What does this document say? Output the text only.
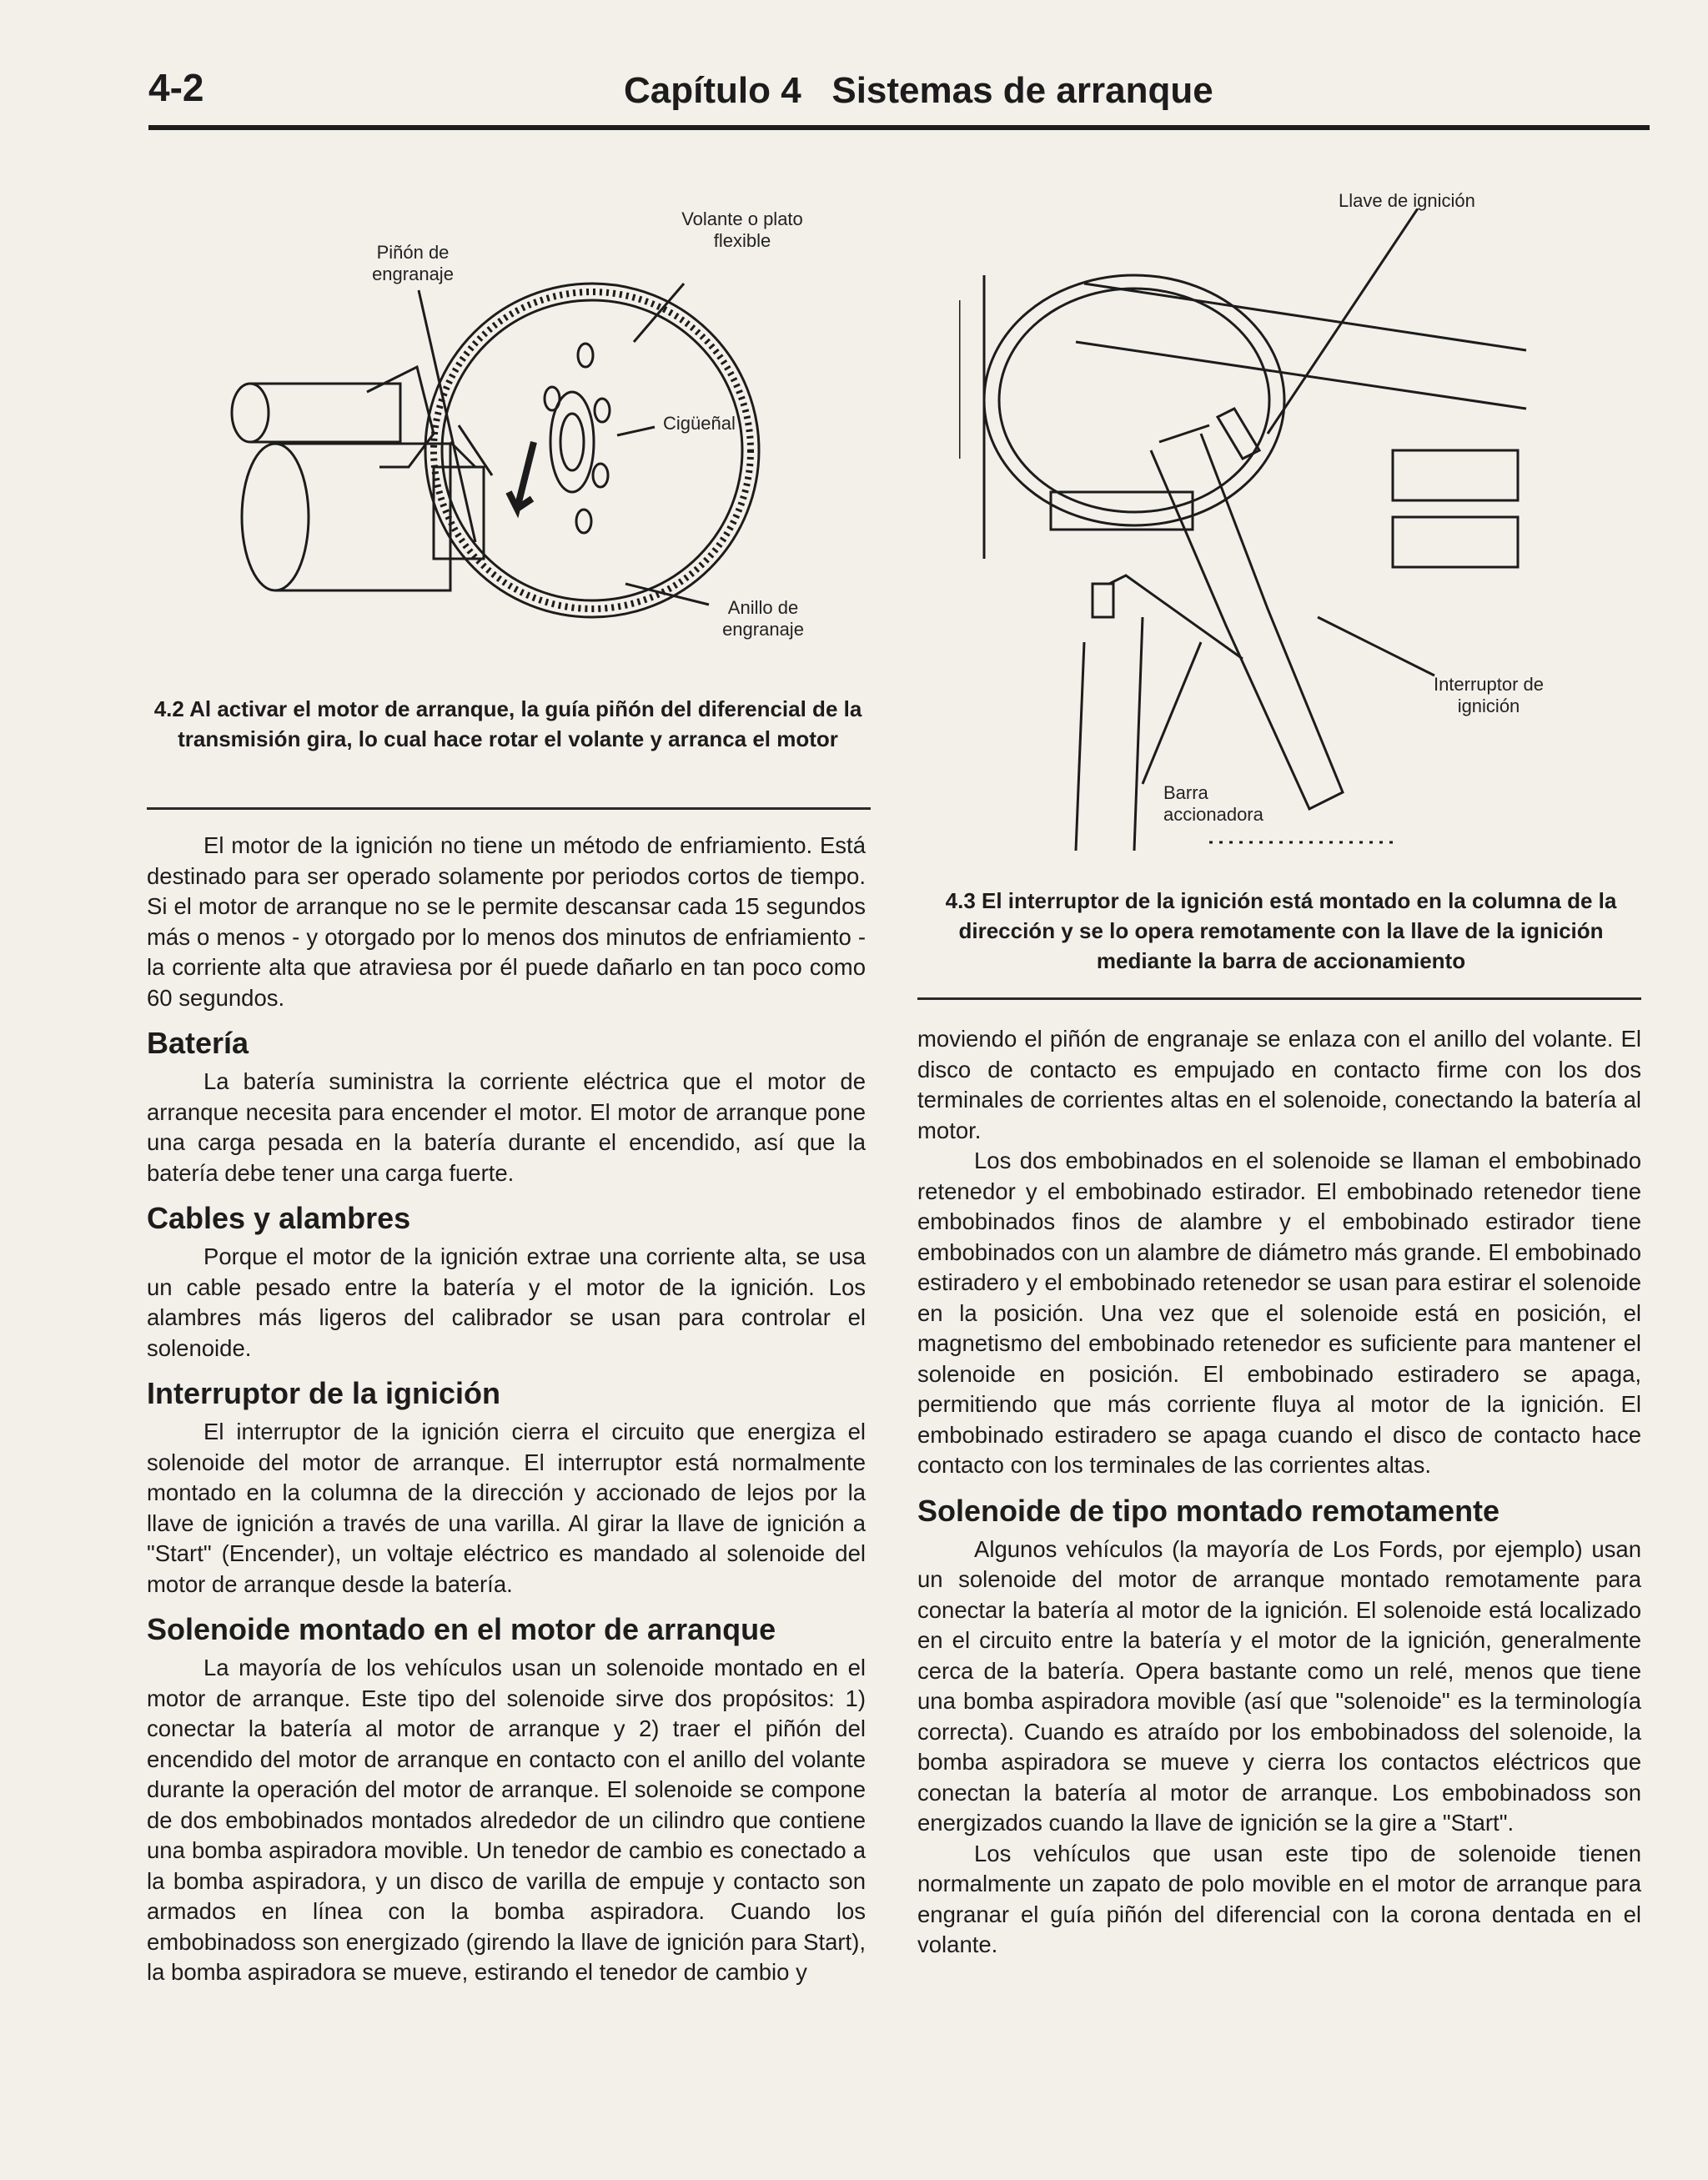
4-2	Capítulo 4   Sistemas de arranque
Piñón de engranaje
Volante o plato flexible
Cigüeñal
Anillo de engranaje
4.2 Al activar el motor de arranque, la guía piñón del diferencial de la transmisión gira, lo cual hace rotar el volante y arranca el motor
Llave de ignición
Interruptor de ignición
Barra accionadora
4.3 El interruptor de la ignición está montado en la columna de la dirección y se lo opera remotamente con la llave de la ignición mediante la barra de accionamiento

El motor de la ignición no tiene un método de enfriamiento. Está destinado para ser operado solamente por periodos cortos de tiempo. Si el motor de arranque no se le permite descansar cada 15 segundos más o menos - y otorgado por lo menos dos minutos de enfriamiento - la corriente alta que atraviesa por él puede dañarlo en tan poco como 60 segundos.

Batería

La batería suministra la corriente eléctrica que el motor de arranque necesita para encender el motor. El motor de arranque pone una carga pesada en la batería durante el encendido, así que la batería debe tener una carga fuerte.

Cables y alambres

Porque el motor de la ignición extrae una corriente alta, se usa un cable pesado entre la batería y el motor de la ignición. Los alambres más ligeros del calibrador se usan para controlar el solenoide.

Interruptor de la ignición

El interruptor de la ignición cierra el circuito que energiza el solenoide del motor de arranque. El interruptor está normalmente montado en la columna de la dirección y accionado de lejos por la llave de ignición a través de una varilla. Al girar la llave de ignición a "Start" (Encender), un voltaje eléctrico es mandado al solenoide del motor de arranque desde la batería.

Solenoide montado en el motor de arranque

La mayoría de los vehículos usan un solenoide montado en el motor de arranque. Este tipo del solenoide sirve dos propósitos: 1) conectar la batería al motor de arranque y 2) traer el piñón del encendido del motor de arranque en contacto con el anillo del volante durante la operación del motor de arranque. El solenoide se compone de dos embobinados montados alrededor de un cilindro que contiene una bomba aspiradora movible. Un tenedor de cambio es conectado a la bomba aspiradora, y un disco de varilla de empuje y contacto son armados en línea con la bomba aspiradora. Cuando los embobinadoss son energizado (girendo la llave de ignición para Start), la bomba aspiradora se mueve, estirando el tenedor de cambio y

moviendo el piñón de engranaje se enlaza con el anillo del volante. El disco de contacto es empujado en contacto firme con los dos terminales de corrientes altas en el solenoide, conectando la batería al motor.

Los dos embobinados en el solenoide se llaman el embobinado retenedor y el embobinado estirador. El embobinado retenedor tiene embobinados finos de alambre y el embobinado estirador tiene embobinados con un alambre de diámetro más grande. El embobinado estiradero y el embobinado retenedor se usan para estirar el solenoide en la posición. Una vez que el solenoide está en posición, el magnetismo del embobinado retenedor es suficiente para mantener el solenoide en posición. El embobinado estiradero se apaga, permitiendo que más corriente fluya al motor de la ignición. El embobinado estiradero se apaga cuando el disco de contacto hace contacto con los terminales de las corrientes altas.

Solenoide de tipo montado remotamente

Algunos vehículos (la mayoría de Los Fords, por ejemplo) usan un solenoide del motor de arranque montado remotamente para conectar la batería al motor de la ignición. El solenoide está localizado en el circuito entre la batería y el motor de la ignición, generalmente cerca de la batería. Opera bastante como un relé, menos que tiene una bomba aspiradora movible (así que "solenoide" es la terminología correcta). Cuando es atraído por los embobinadoss del solenoide, la bomba aspiradora se mueve y cierra los contactos eléctricos que conectan la batería al motor de arranque. Los embobinadoss son energizados cuando la llave de ignición se la gire a "Start".

Los vehículos que usan este tipo de solenoide tienen normalmente un zapato de polo movible en el motor de arranque para engranar el guía piñón del diferencial con la corona dentada en el volante.
